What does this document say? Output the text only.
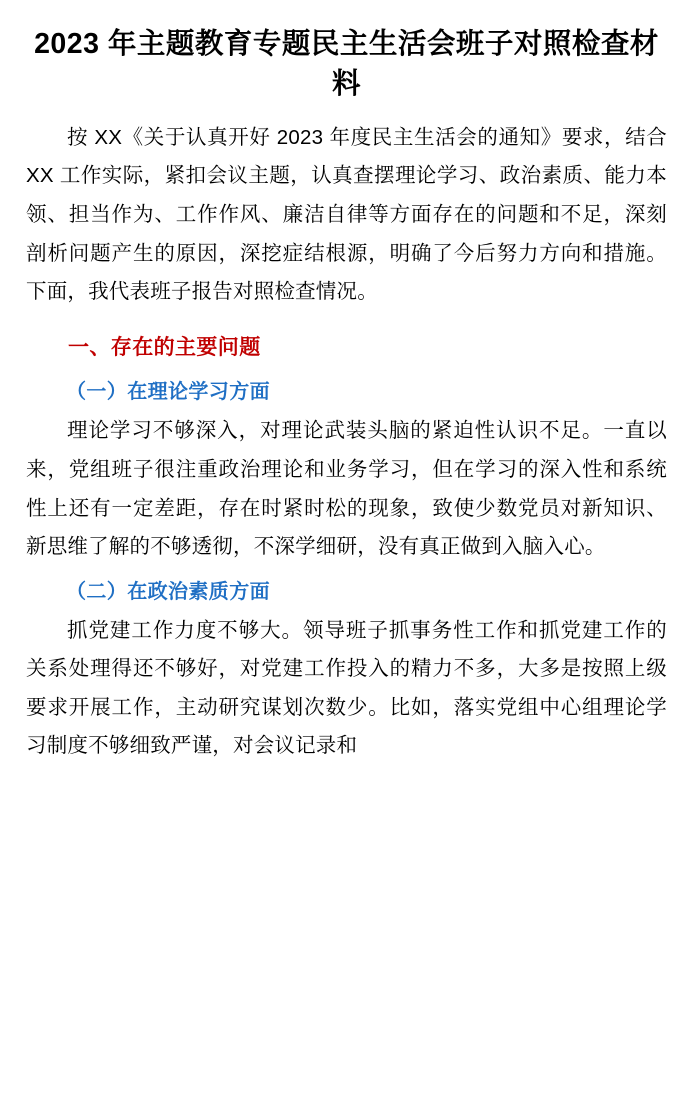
2023 年主题教育专题民主生活会班子对照检查材料

按 XX《关于认真开好 2023 年度民主生活会的通知》要求，结合 XX 工作实际，紧扣会议主题，认真查摆理论学习、政治素质、能力本领、担当作为、工作作风、廉洁自律等方面存在的问题和不足，深刻剖析问题产生的原因，深挖症结根源，明确了今后努力方向和措施。下面，我代表班子报告对照检查情况。

一、存在的主要问题
（一）在理论学习方面

理论学习不够深入，对理论武装头脑的紧迫性认识不足。一直以来，党组班子很注重政治理论和业务学习，但在学习的深入性和系统性上还有一定差距，存在时紧时松的现象，致使少数党员对新知识、新思维了解的不够透彻，不深学细研，没有真正做到入脑入心。

（二）在政治素质方面

抓党建工作力度不够大。领导班子抓事务性工作和抓党建工作的关系处理得还不够好，对党建工作投入的精力不多，大多是按照上级要求开展工作，主动研究谋划次数少。比如，落实党组中心组理论学习制度不够细致严谨，对会议记录和
